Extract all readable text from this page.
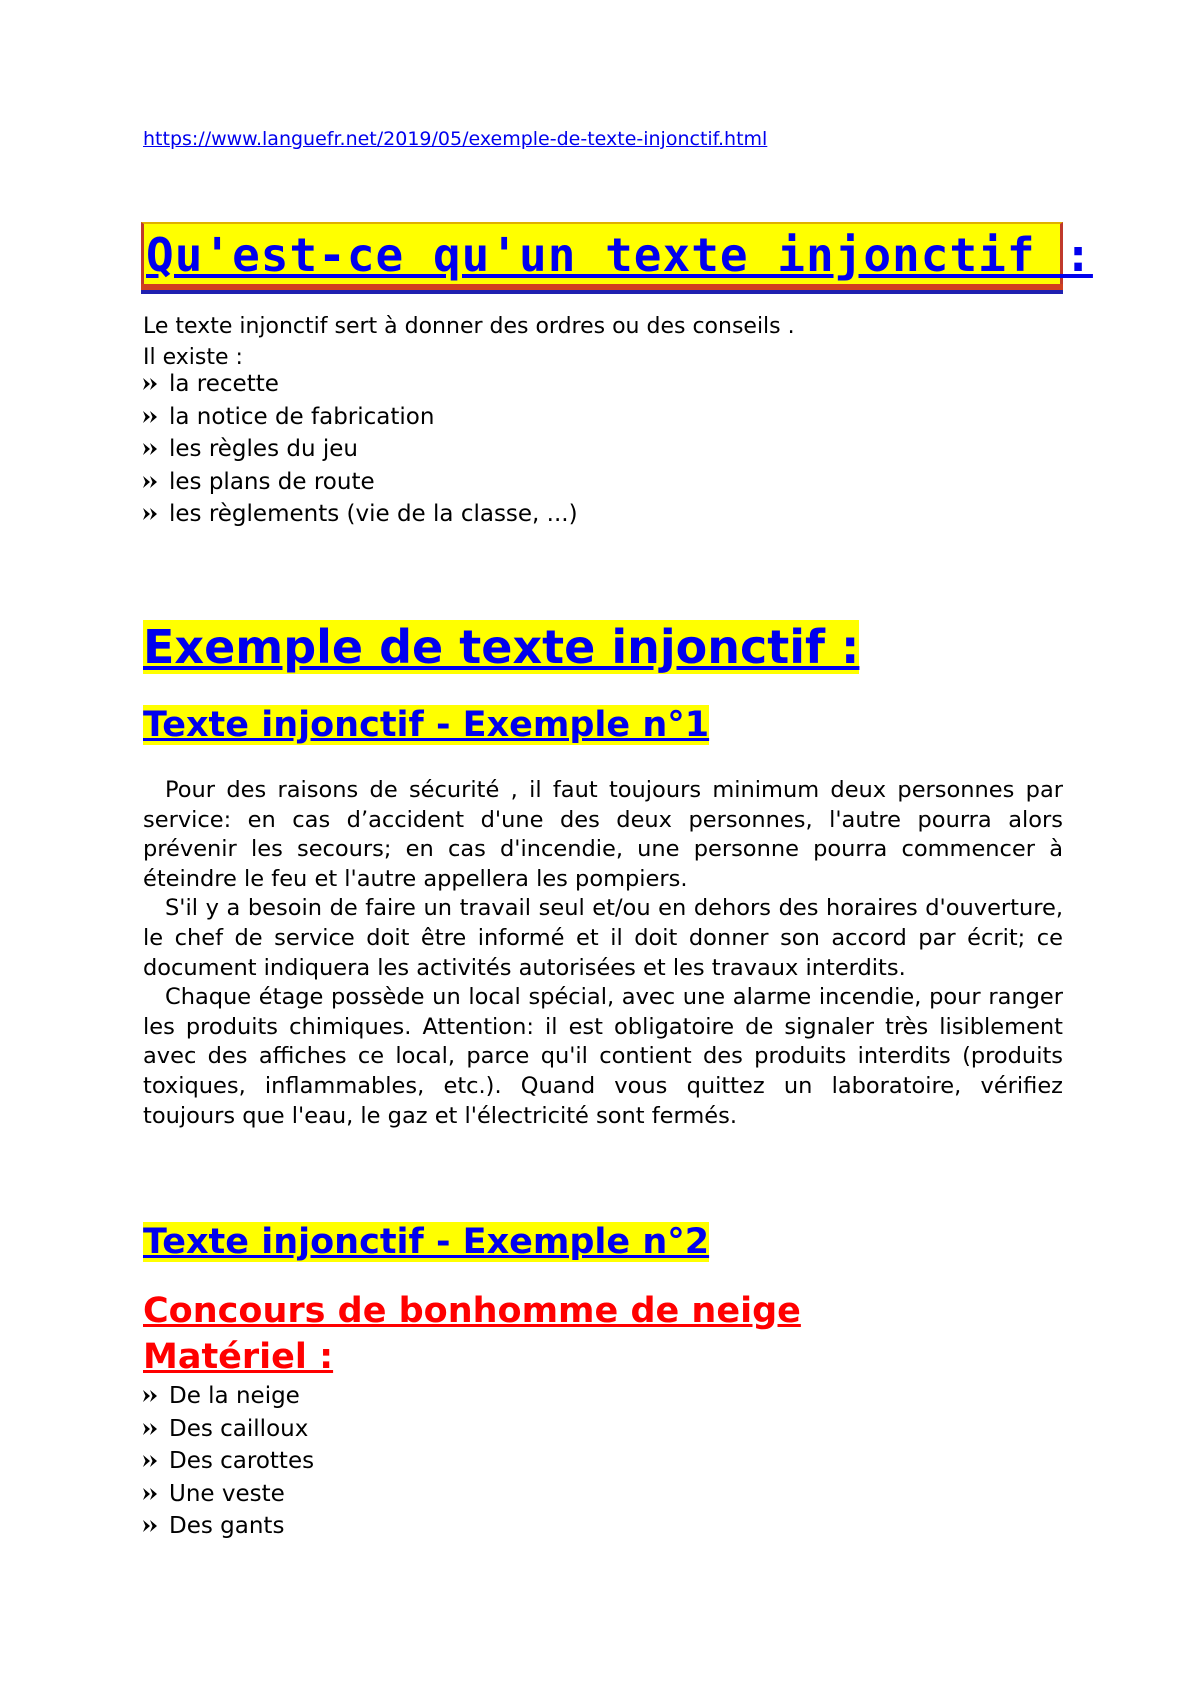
https://www.languefr.net/2019/05/exemple-de-texte-injonctif.html
Qu'est-ce qu'un texte injonctif :

Le texte injonctif sert à donner des ordres ou des conseils .
Il existe :

la recette
la notice de fabrication
les règles du jeu
les plans de route
les règlements (vie de la classe, ...)
Exemple de texte injonctif :
Texte injonctif - Exemple n°1

Pour des raisons de sécurité , il faut toujours minimum deux personnes par service: en cas d’accident d'une des deux personnes, l'autre pourra alors prévenir les secours; en cas d'incendie, une personne pourra commencer à éteindre le feu et l'autre appellera les pompiers.

S'il y a besoin de faire un travail seul et/ou en dehors des horaires d'ouverture, le chef de service doit être informé et il doit donner son accord par écrit; ce document indiquera les activités autorisées et les travaux interdits.

Chaque étage possède un local spécial, avec une alarme incendie, pour ranger les produits chimiques. Attention: il est obligatoire de signaler très lisiblement avec des affiches ce local, parce qu'il contient des produits interdits (produits toxiques, inflammables, etc.). Quand vous quittez un laboratoire, vérifiez toujours que l'eau, le gaz et l'électricité sont fermés.

Texte injonctif - Exemple n°2
Concours de bonhomme de neige
Matériel :
De la neige
Des cailloux
Des carottes
Une veste
Des gants
